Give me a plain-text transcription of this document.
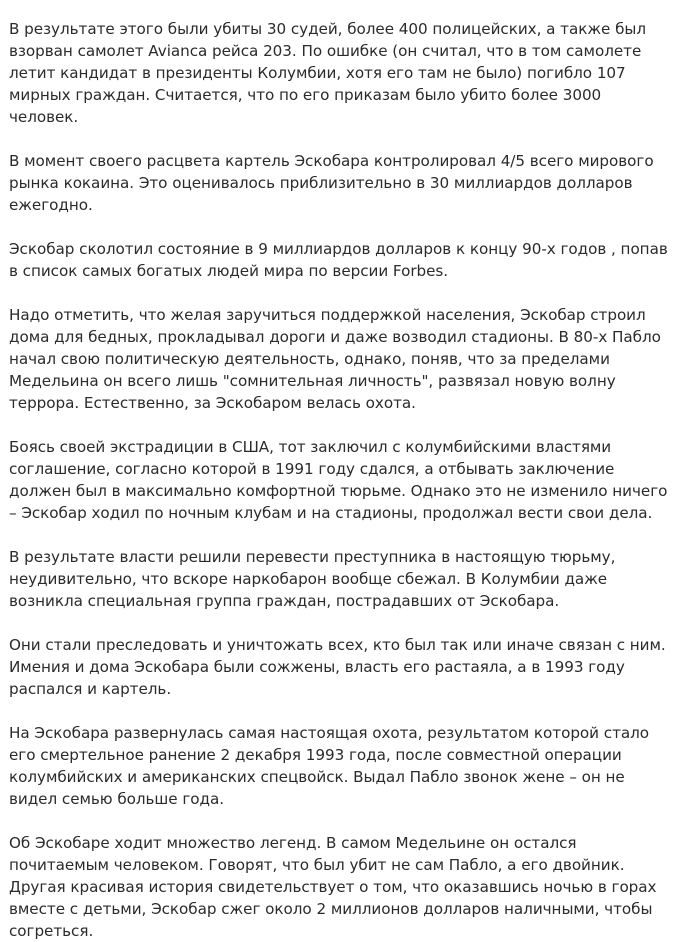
В результате этого были убиты 30 судей, более 400 полицейских, а также был взорван самолет Avianca рейса 203. По ошибке (он считал, что в том самолете летит кандидат в президенты Колумбии, хотя его там не было) погибло 107 мирных граждан. Считается, что по его приказам было убито более 3000 человек.

В момент своего расцвета картель Эскобара контролировал 4/5 всего мирового рынка кокаина. Это оценивалось приблизительно в 30 миллиардов долларов ежегодно.

Эскобар сколотил состояние в 9 миллиардов долларов к концу 90-х годов , попав в список самых богатых людей мира по версии Forbes.

Надо отметить, что желая заручиться поддержкой населения, Эскобар строил дома для бедных, прокладывал дороги и даже возводил стадионы. В 80-х Пабло начал свою политическую деятельность, однако, поняв, что за пределами Медельина он всего лишь "сомнительная личность", развязал новую волну террора. Естественно, за Эскобаром велась охота.

Боясь своей экстрадиции в США, тот заключил с колумбийскими властями соглашение, согласно которой в 1991 году сдался, а отбывать заключение должен был в максимально комфортной тюрьме. Однако это не изменило ничего – Эскобар ходил по ночным клубам и на стадионы, продолжал вести свои дела.

В результате власти решили перевести преступника в настоящую тюрьму, неудивительно, что вскоре наркобарон вообще сбежал. В Колумбии даже возникла специальная группа граждан, пострадавших от Эскобара.

Они стали преследовать и уничтожать всех, кто был так или иначе связан с ним. Имения и дома Эскобара были сожжены, власть его растаяла, а в 1993 году распался и картель.

На Эскобара развернулась самая настоящая охота, результатом которой стало его смертельное ранение 2 декабря 1993 года, после совместной операции колумбийских и американских спецвойск. Выдал Пабло звонок жене – он не видел семью больше года.

Об Эскобаре ходит множество легенд. В самом Медельине он остался почитаемым человеком. Говорят, что был убит не сам Пабло, а его двойник. Другая красивая история свидетельствует о том, что оказавшись ночью в горах вместе с детьми, Эскобар сжег около 2 миллионов долларов наличными, чтобы согреться.
